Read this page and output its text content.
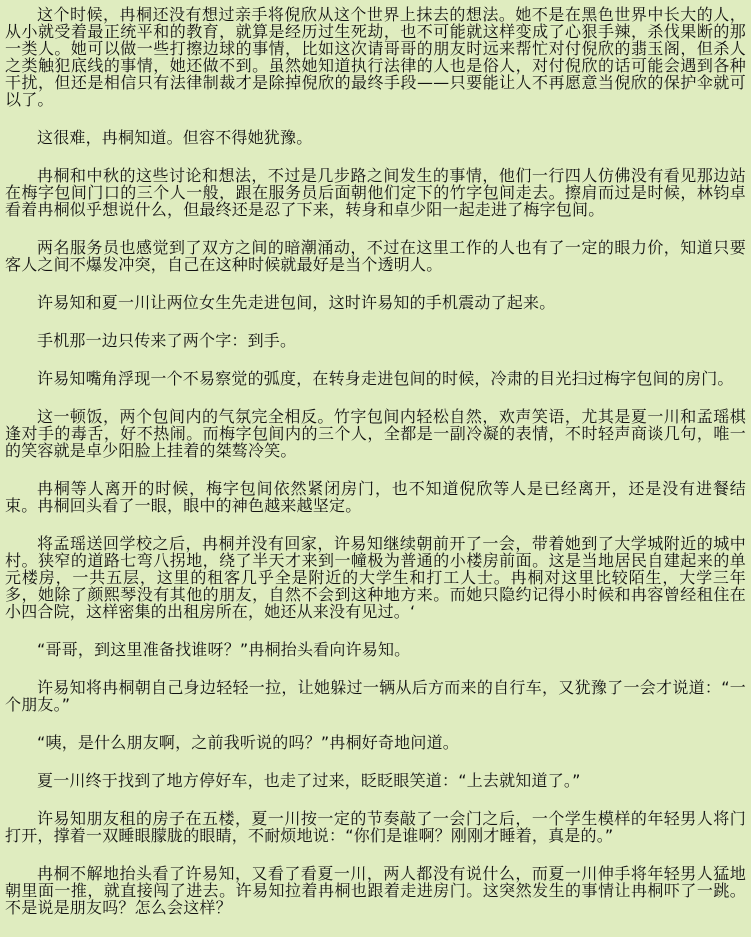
这个时候，冉桐还没有想过亲手将倪欣从这个世界上抹去的想法。她不是在黑色世界中长大的人，从小就受着最正统平和的教育，就算是经历过生死劫，也不可能就这样变成了心狠手辣，杀伐果断的那一类人。她可以做一些打擦边球的事情，比如这次请哥哥的朋友时远来帮忙对付倪欣的翡玉阁，但杀人之类触犯底线的事情，她还做不到。虽然她知道执行法律的人也是俗人，对付倪欣的话可能会遇到各种干扰，但还是相信只有法律制裁才是除掉倪欣的最终手段——只要能让人不再愿意当倪欣的保护伞就可以了。

这很难，冉桐知道。但容不得她犹豫。

冉桐和中秋的这些讨论和想法，不过是几步路之间发生的事情，他们一行四人仿佛没有看见那边站在梅字包间门口的三个人一般，跟在服务员后面朝他们定下的竹字包间走去。擦肩而过是时候，林钧卓看着冉桐似乎想说什么，但最终还是忍了下来，转身和卓少阳一起走进了梅字包间。

两名服务员也感觉到了双方之间的暗潮涌动，不过在这里工作的人也有了一定的眼力价，知道只要客人之间不爆发冲突，自己在这种时候就最好是当个透明人。

许易知和夏一川让两位女生先走进包间，这时许易知的手机震动了起来。

手机那一边只传来了两个字：到手。

许易知嘴角浮现一个不易察觉的弧度，在转身走进包间的时候，冷肃的目光扫过梅字包间的房门。

这一顿饭，两个包间内的气氛完全相反。竹字包间内轻松自然，欢声笑语，尤其是夏一川和孟瑶棋逢对手的毒舌，好不热闹。而梅字包间内的三个人，全都是一副冷凝的表情，不时轻声商谈几句，唯一的笑容就是卓少阳脸上挂着的桀骜冷笑。

冉桐等人离开的时候，梅字包间依然紧闭房门，也不知道倪欣等人是已经离开，还是没有进餐结束。冉桐回头看了一眼，眼中的神色越来越坚定。

将孟瑶送回学校之后，冉桐并没有回家，许易知继续朝前开了一会，带着她到了大学城附近的城中村。狭窄的道路七弯八拐地，绕了半天才来到一幢极为普通的小楼房前面。这是当地居民自建起来的单元楼房，一共五层，这里的租客几乎全是附近的大学生和打工人士。冉桐对这里比较陌生，大学三年多，她除了颜熙琴没有其他的朋友，自然不会到这种地方来。而她只隐约记得小时候和冉容曾经租住在小四合院，这样密集的出租房所在，她还从来没有见过。‘

“哥哥，到这里准备找谁呀？”冉桐抬头看向许易知。

许易知将冉桐朝自己身边轻轻一拉，让她躲过一辆从后方而来的自行车，又犹豫了一会才说道：“一个朋友。”

“咦，是什么朋友啊，之前我听说的吗？”冉桐好奇地问道。

夏一川终于找到了地方停好车，也走了过来，眨眨眼笑道：“上去就知道了。”

许易知朋友租的房子在五楼，夏一川按一定的节奏敲了一会门之后，一个学生模样的年轻男人将门打开，撑着一双睡眼朦胧的眼睛，不耐烦地说：“你们是谁啊？刚刚才睡着，真是的。”

冉桐不解地抬头看了许易知，又看了看夏一川，两人都没有说什么，而夏一川伸手将年轻男人猛地朝里面一推，就直接闯了进去。许易知拉着冉桐也跟着走进房门。这突然发生的事情让冉桐吓了一跳。不是说是朋友吗？怎么会这样？
